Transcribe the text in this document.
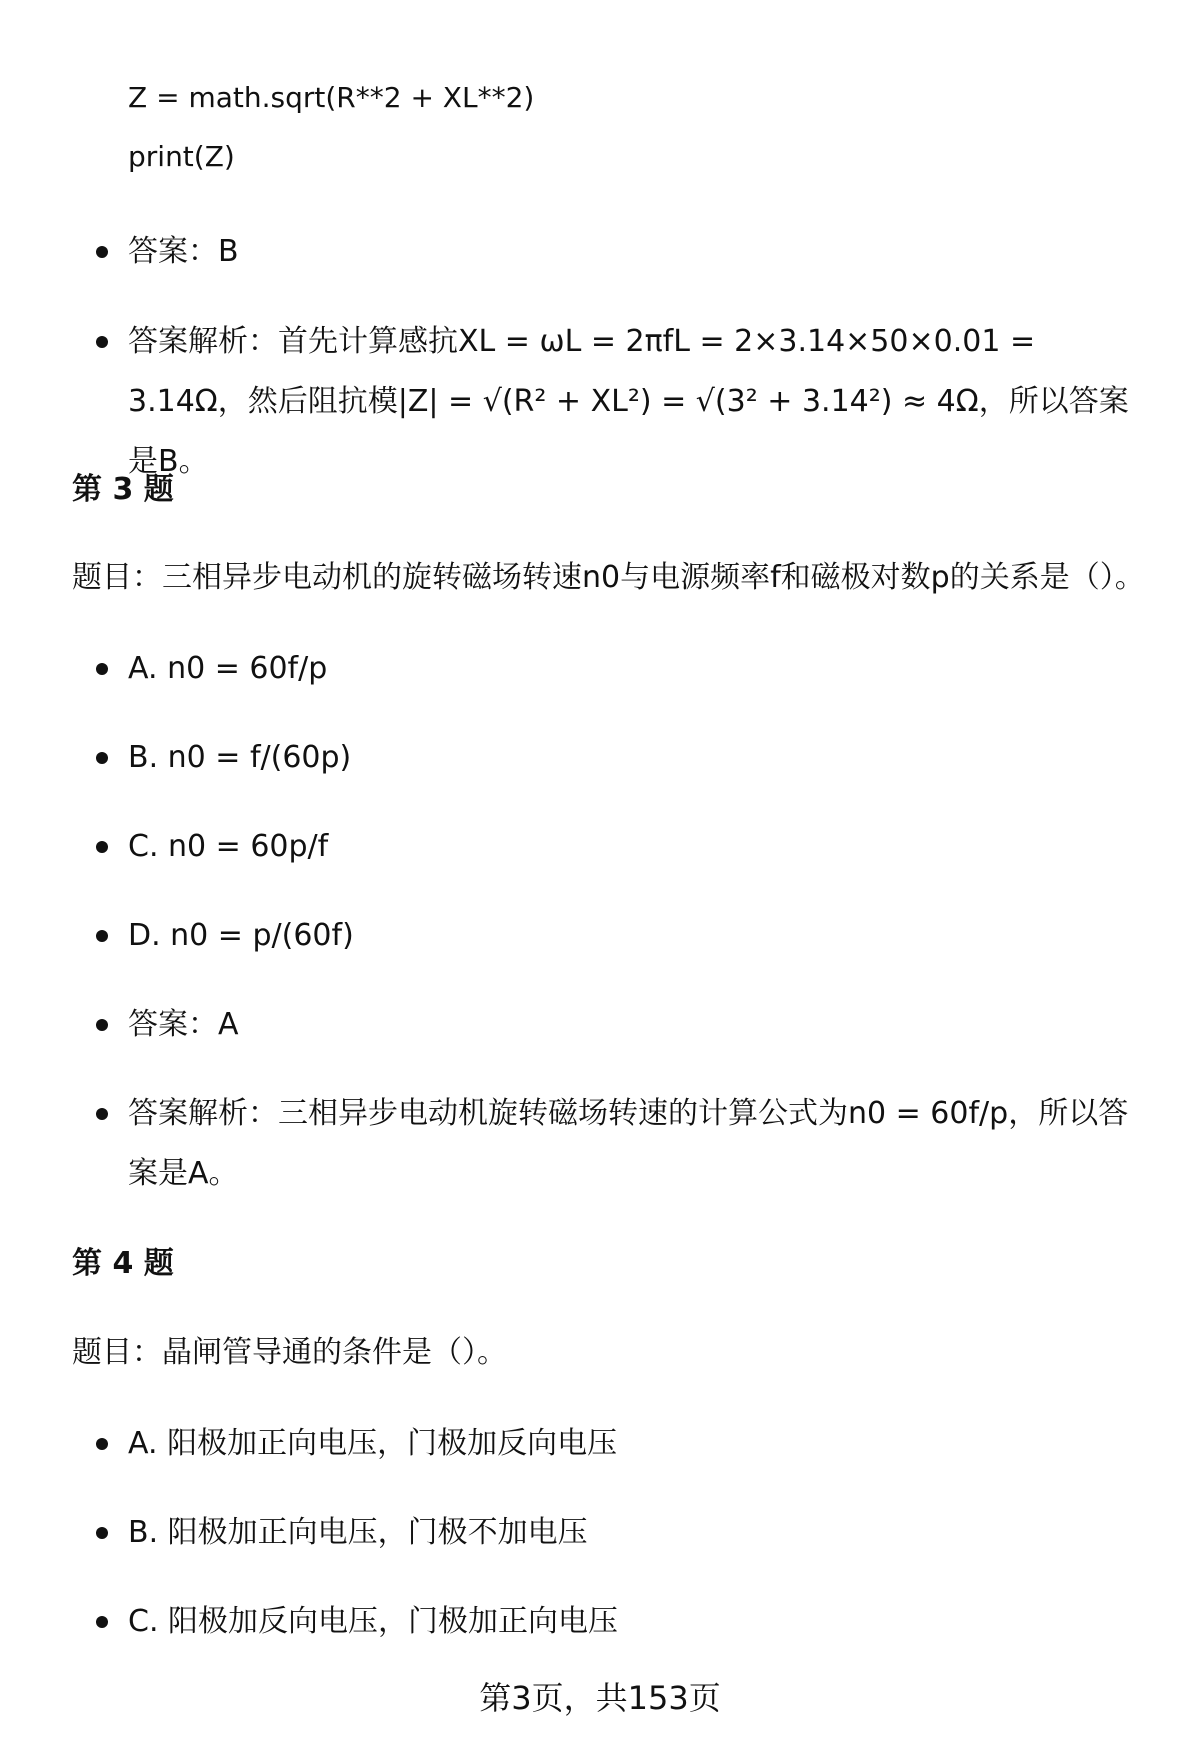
Z = math.sqrt(R**2 + XL**2)
print(Z)
答案：B
答案解析：首先计算感抗XL = ωL = 2πfL = 2×3.14×50×0.01 = 3.14Ω，然后阻抗模|Z| = √(R² + XL²) = √(3² + 3.14²) ≈ 4Ω，所以答案是B。
第 3 题
题目：三相异步电动机的旋转磁场转速n0与电源频率f和磁极对数p的关系是（）。
A. n0 = 60f/p
B. n0 = f/(60p)
C. n0 = 60p/f
D. n0 = p/(60f)
答案：A
答案解析：三相异步电动机旋转磁场转速的计算公式为n0 = 60f/p，所以答案是A。
第 4 题
题目：晶闸管导通的条件是（）。
A. 阳极加正向电压，门极加反向电压
B. 阳极加正向电压，门极不加电压
C. 阳极加反向电压，门极加正向电压
第3页，共153页
